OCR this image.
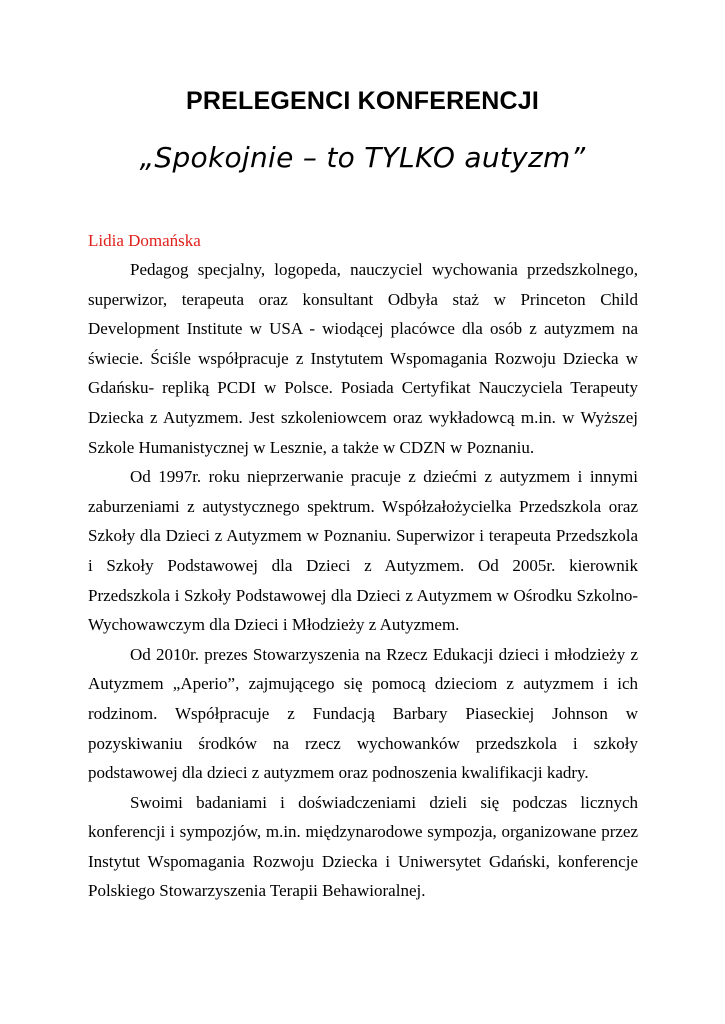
PRELEGENCI KONFERENCJI
„Spokojnie – to TYLKO autyzm”
Lidia Domańska

Pedagog specjalny, logopeda, nauczyciel wychowania przedszkolnego, superwizor, terapeuta oraz konsultant Odbyła staż w Princeton Child Development Institute w USA - wiodącej placówce dla osób z autyzmem na świecie. Ściśle współpracuje z Instytutem Wspomagania Rozwoju Dziecka w Gdańsku- repliką PCDI w Polsce. Posiada Certyfikat Nauczyciela Terapeuty Dziecka z Autyzmem. Jest szkoleniowcem oraz wykładowcą m.in. w Wyższej Szkole Humanistycznej w Lesznie, a także w CDZN w Poznaniu.

Od 1997r. roku nieprzerwanie pracuje z dziećmi z autyzmem i innymi zaburzeniami z autystycznego spektrum. Współzałożycielka Przedszkola oraz Szkoły dla Dzieci z Autyzmem w Poznaniu. Superwizor i terapeuta Przedszkola i Szkoły Podstawowej dla Dzieci z Autyzmem. Od 2005r. kierownik Przedszkola i Szkoły Podstawowej dla Dzieci z Autyzmem w Ośrodku Szkolno- Wychowawczym dla Dzieci i Młodzieży z Autyzmem.

Od 2010r. prezes Stowarzyszenia na Rzecz Edukacji dzieci i młodzieży z Autyzmem „Aperio”, zajmującego się pomocą dzieciom z autyzmem i ich rodzinom. Współpracuje z Fundacją Barbary Piaseckiej Johnson w pozyskiwaniu środków na rzecz wychowanków przedszkola i szkoły podstawowej dla dzieci z autyzmem oraz podnoszenia kwalifikacji kadry.

Swoimi badaniami i doświadczeniami dzieli się podczas licznych konferencji i sympozjów, m.in. międzynarodowe sympozja, organizowane przez Instytut Wspomagania Rozwoju Dziecka i Uniwersytet Gdański, konferencje Polskiego Stowarzyszenia Terapii Behawioralnej.
